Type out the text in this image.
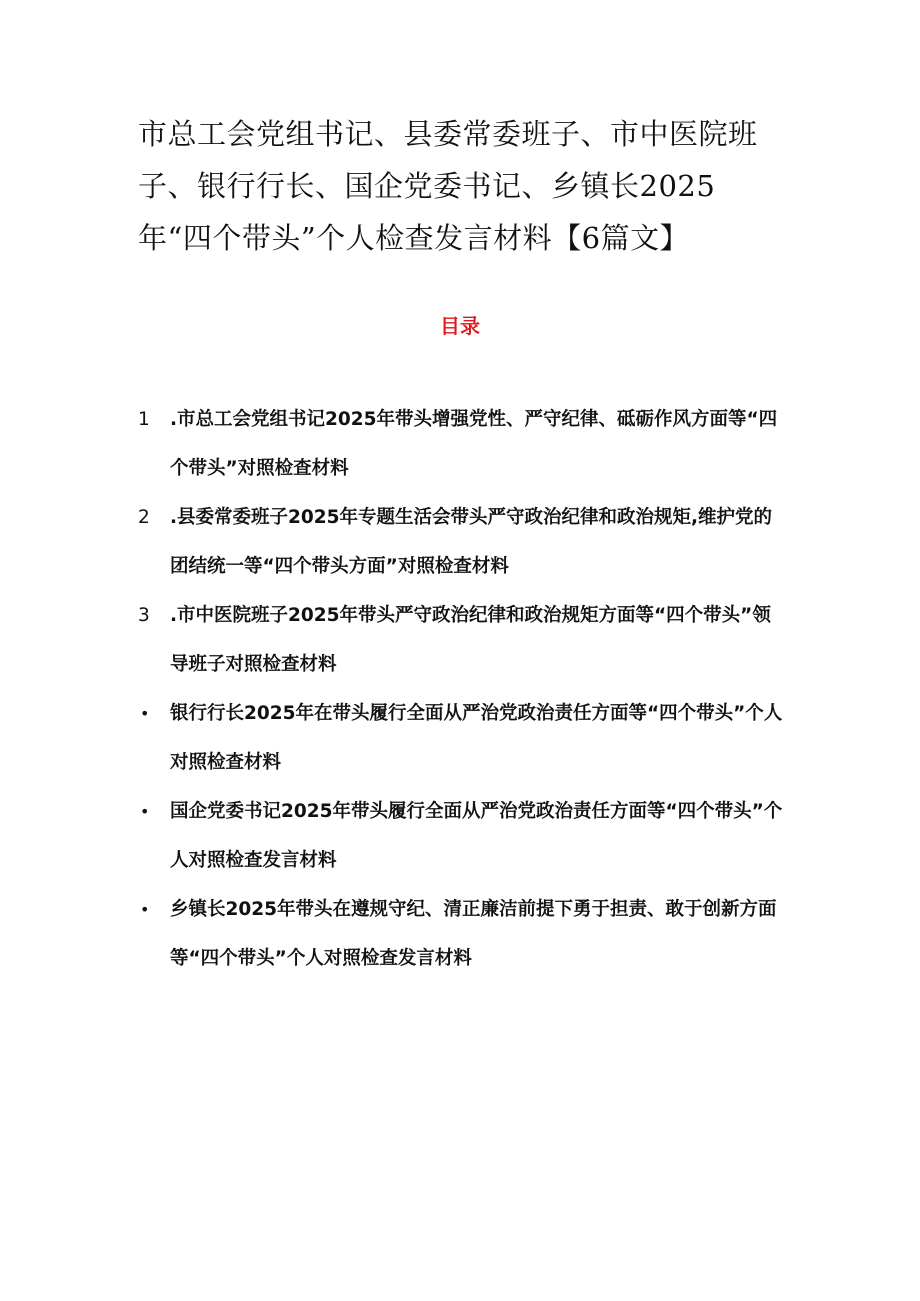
市总工会党组书记、县委常委班子、市中医院班子、银行行长、国企党委书记、乡镇长2025年“四个带头”个人检查发言材料【6篇文】
目录
1	.市总工会党组书记2025年带头增强党性、严守纪律、砥砺作风方面等“四个带头”对照检查材料
2	.县委常委班子2025年专题生活会带头严守政治纪律和政治规矩,维护党的团结统一等“四个带头方面”对照检查材料
3	.市中医院班子2025年带头严守政治纪律和政治规矩方面等“四个带头”领导班子对照检查材料
•	银行行长2025年在带头履行全面从严治党政治责任方面等“四个带头”个人对照检查材料
•	国企党委书记2025年带头履行全面从严治党政治责任方面等“四个带头”个人对照检查发言材料
•	乡镇长2025年带头在遵规守纪、清正廉洁前提下勇于担责、敢于创新方面等“四个带头”个人对照检查发言材料
